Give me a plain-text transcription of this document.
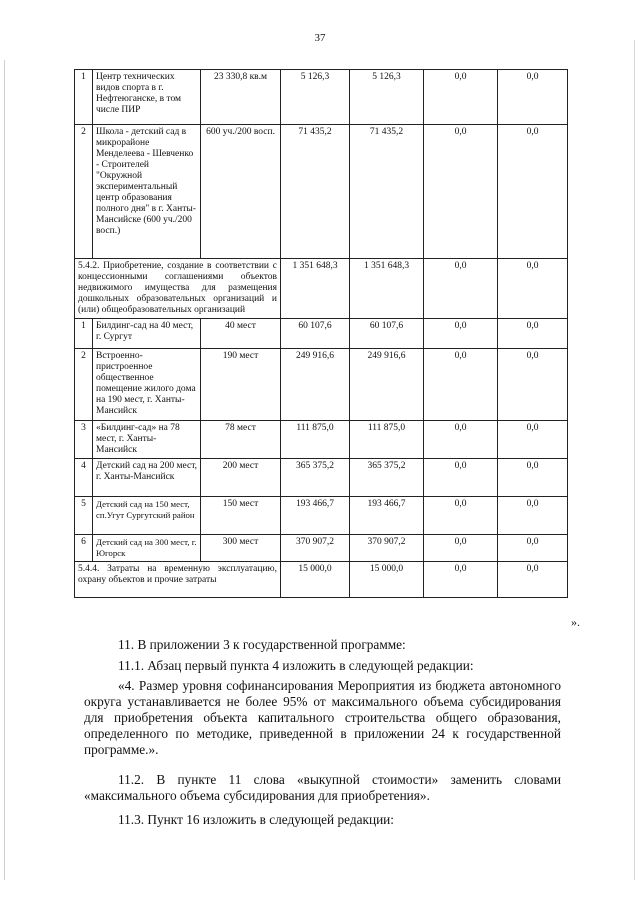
37
1	Центр технических видов спорта в г. Нефтеюганске, в том числе ПИР	23 330,8 кв.м	5 126,3	5 126,3	0,0	0,0
2	Школа - детский сад в микрорайоне Менделеева - Шевченко - Строителей "Окружной экспериментальный центр образования полного дня" в г. Ханты-Мансийске (600 уч./200 восп.)	600 уч./200 восп.	71 435,2	71 435,2	0,0	0,0
5.4.2. Приобретение, создание в соответствии с концессионными соглашениями объектов недвижимого имущества для размещения дошкольных образовательных организаций и (или) общеобразовательных организаций			1 351 648,3	1 351 648,3	0,0	0,0
1	Билдинг-сад на 40 мест, г. Сургут	40 мест	60 107,6	60 107,6	0,0	0,0
2	Встроенно-пристроенное общественное помещение жилого дома на 190 мест, г. Ханты-Мансийск	190 мест	249 916,6	249 916,6	0,0	0,0
3	«Билдинг-сад» на 78 мест, г. Ханты-Мансийск	78 мест	111 875,0	111 875,0	0,0	0,0
4	Детский сад на 200 мест, г. Ханты-Мансийск	200 мест	365 375,2	365 375,2	0,0	0,0
5	Детский сад на 150 мест, сп.Угут Сургутский район	150 мест	193 466,7	193 466,7	0,0	0,0
6	Детский сад на 300 мест, г. Югорск	300 мест	370 907,2	370 907,2	0,0	0,0
5.4.4. Затраты на временную эксплуатацию, охрану объектов и прочие затраты			15 000,0	15 000,0	0,0	0,0
».

11. В приложении 3 к государственной программе:

11.1. Абзац первый пункта 4 изложить в следующей редакции:

«4. Размер уровня софинансирования Мероприятия из бюджета автономного округа устанавливается не более 95% от максимального объема субсидирования для приобретения объекта капитального строительства общего образования, определенного по методике, приведенной в приложении 24 к государственной программе.».

11.2. В пункте 11 слова «выкупной стоимости» заменить словами «максимального объема субсидирования для приобретения».

11.3. Пункт 16 изложить в следующей редакции:
